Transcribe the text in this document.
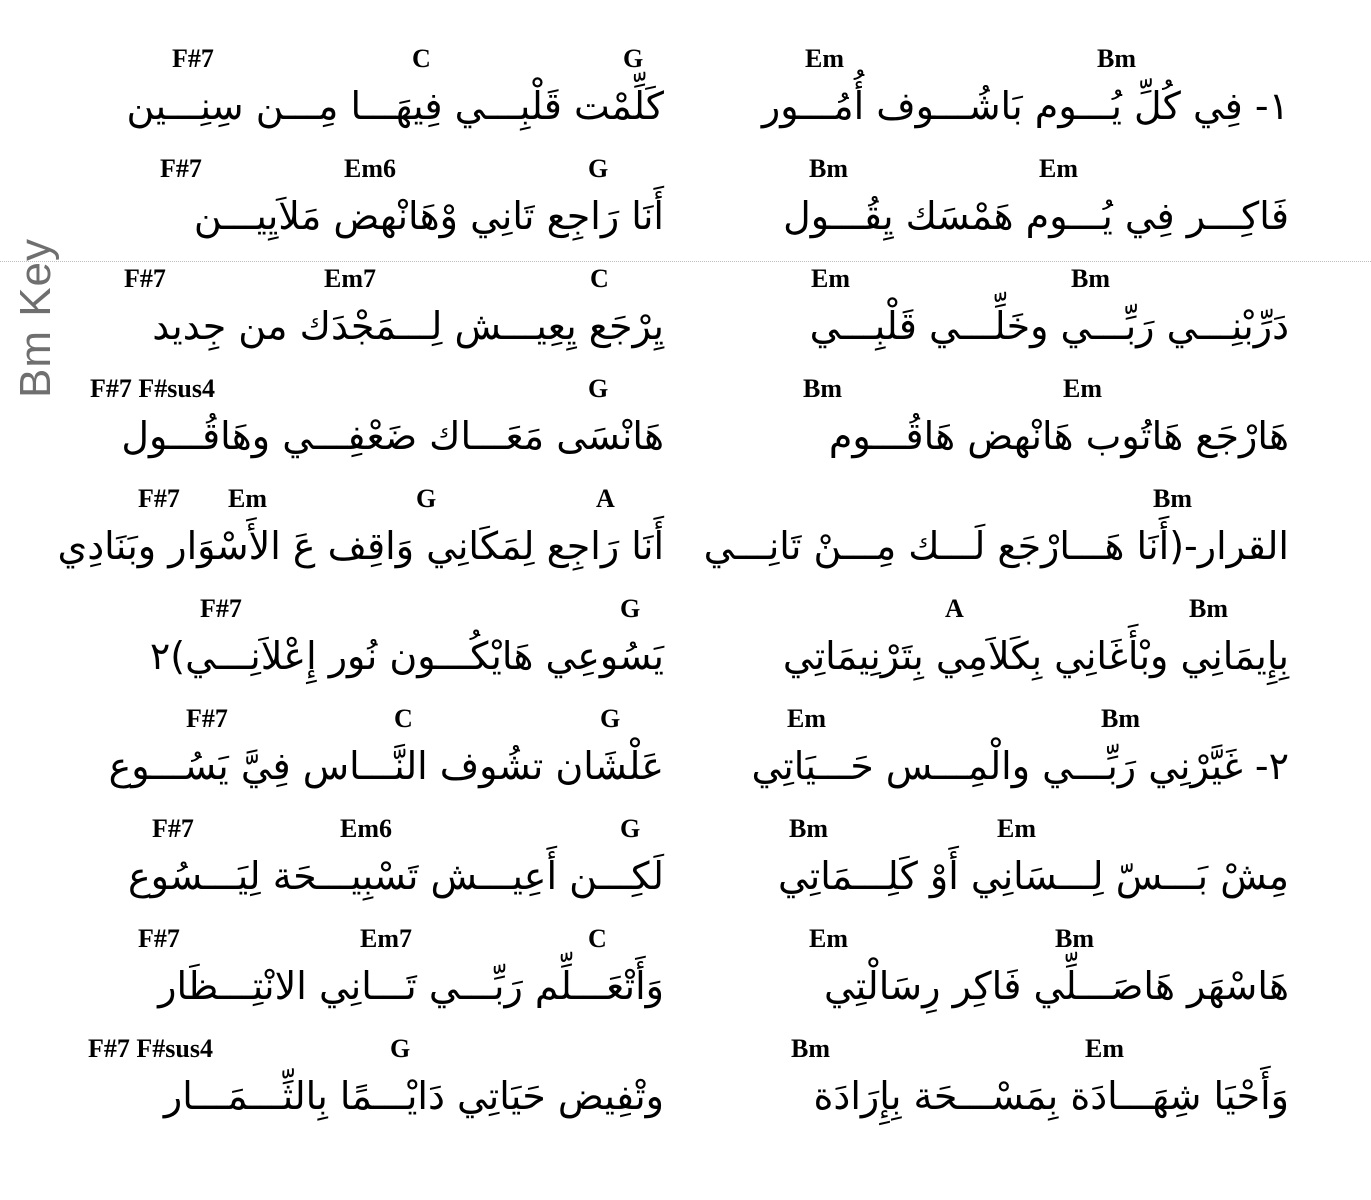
Bm Key
F#7	C	G
كَلِّمْت قَلْبِـــي فِيهَـــا مِـــن سِنِـــين
F#7	Em6	G
أَنَا رَاجِع تَانِي وْهَانْهض مَلاَيِيـــن
F#7	Em7	C
يِرْجَع يِعِيـــش لِـــمَجْدَك من جِديد
F#7 F#sus4	G
هَانْسَى مَعَـــاك ضَعْفِـــي وهَاقُـــول
F#7 Em	G	A
أَنَا رَاجِع لِمَكَانِي وَاقِف عَ الأَسْوَار وبَنَادِي
F#7	G
يَسُوعِي هَايْكُـــون نُور إِعْلاَنِـــي)٢
F#7	C	G
عَلْشَان تشُوف النَّـــاس فِيَّ يَسُـــوع
F#7	Em6	G
لَكِـــن أَعِيـــش تَسْبِيـــحَة لِيَـــسُوع
F#7	Em7	C
وَأَتْعَـــلِّم رَبِّـــي تَـــانِي الانْتِـــظَار
F#7 F#sus4	G
وتْفِيض حَيَاتِي دَايْـــمًا بِالثِّـــمَـــار
Em	Bm
١- فِي كُلِّ يُـــوم بَاشُـــوف أُمُـــور
Bm	Em
فَاكِـــر فِي يُـــوم هَمْسَك يِقُـــول
Em	Bm
دَرِّبْنِـــي رَبِّـــي وخَلِّـــي قَلْبِـــي
Bm	Em
هَارْجَع هَاتُوب هَانْهض هَاقُـــوم
Bm
القرار-(أَنَا هَـــارْجَع لَـــك مِـــنْ تَانِـــي
A	Bm
بِإِيمَانِي وبْأَغَانِي بِكَلاَمِي بِتَرْنِيمَاتِي
Em	Bm
٢- غَيَّرْنِي رَبِّـــي والْمِـــس حَـــيَاتِي
Bm	Em
مِشْ بَـــسّ لِـــسَانِي أَوْ كَلِـــمَاتِي
Em	Bm
هَاسْهَر هَاصَـــلِّي فَاكِر رِسَالْتِي
Bm	Em
وَأَحْيَا شِهَـــادَة بِمَسْـــحَة بِإِرَادَة
